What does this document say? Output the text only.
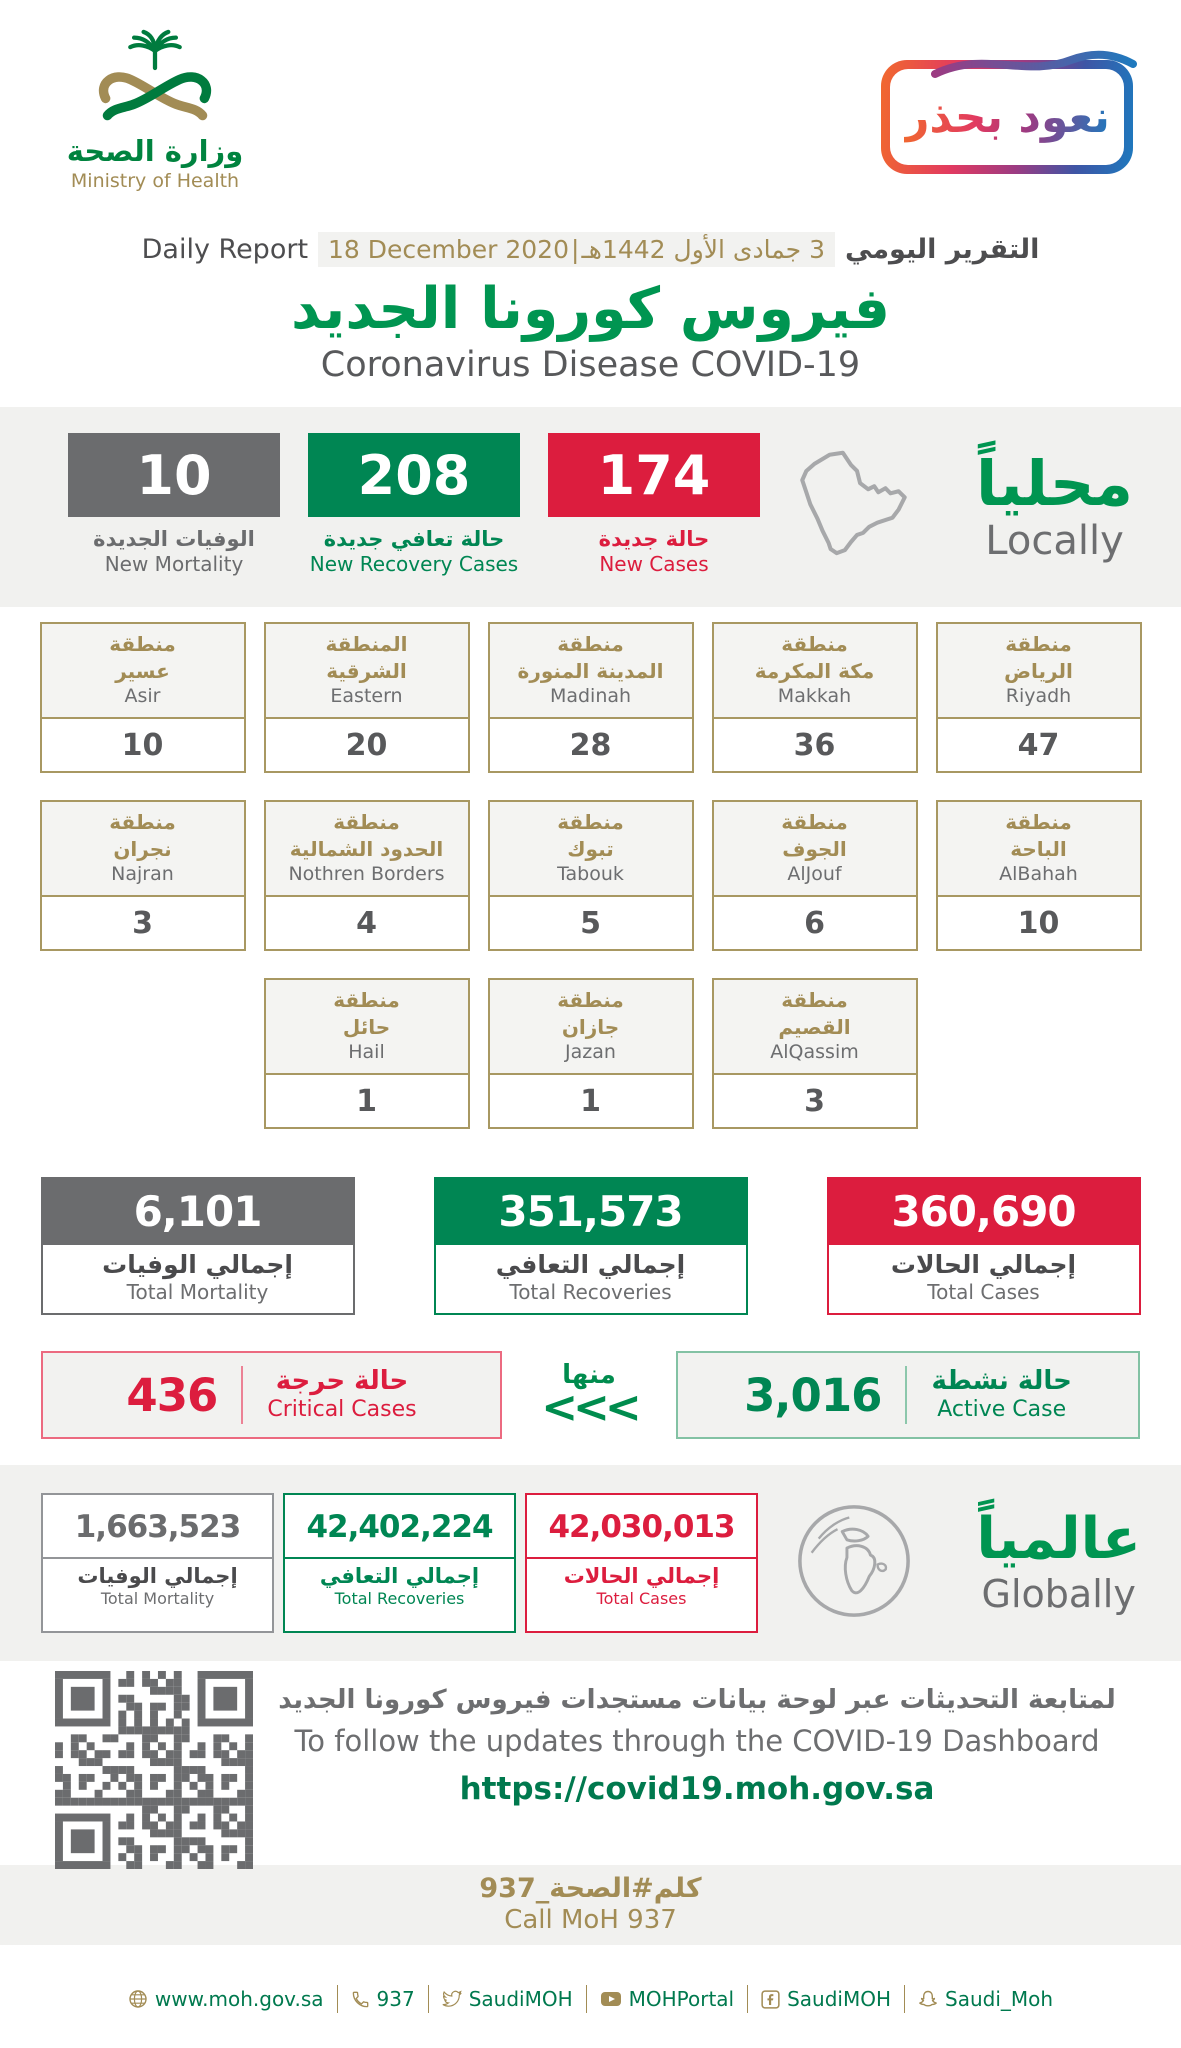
وزارة الصحة
Ministry of Health
نعود بحذر
Daily Report 18 December 2020 | 3 جمادى الأول 1442هـ التقرير اليومي
فيروس كورونا الجديد
Coronavirus Disease COVID-19
10
الوفيات الجديدة
New Mortality
208
حالة تعافي جديدة
New Recovery Cases
174
حالة جديدة
New Cases
محلياً
Locally
منطقة
عسير
Asir
10
المنطقة
الشرقية
Eastern
20
منطقة
المدينة المنورة
Madinah
28
منطقة
مكة المكرمة
Makkah
36
منطقة
الرياض
Riyadh
47
منطقة
نجران
Najran
3
منطقة
الحدود الشمالية
Nothren Borders
4
منطقة
تبوك
Tabouk
5
منطقة
الجوف
AlJouf
6
منطقة
الباحة
AlBahah
10
منطقة
حائل
Hail
1
منطقة
جازان
Jazan
1
منطقة
القصيم
AlQassim
3
6,101
إجمالي الوفيات
Total Mortality
351,573
إجمالي التعافي
Total Recoveries
360,690
إجمالي الحالات
Total Cases
436	حالة حرجة
Critical Cases
منها
<<<	3,016 حالة نشطة
Active Case
1,663,523
إجمالي الوفيات
Total Mortality
42,402,224
إجمالي التعافي
Total Recoveries
42,030,013
إجمالي الحالات
Total Cases
عالمياً
Globally
لمتابعة التحديثات عبر لوحة بيانات مستجدات فيروس كورونا الجديد
To follow the updates through the COVID-19 Dashboard
https://covid19.moh.gov.sa
كلم#الصحة_937
Call MoH 937
www.moh.gov.sa	937	SaudiMOH	MOHPortal	SaudiMOH	Saudi_Moh
